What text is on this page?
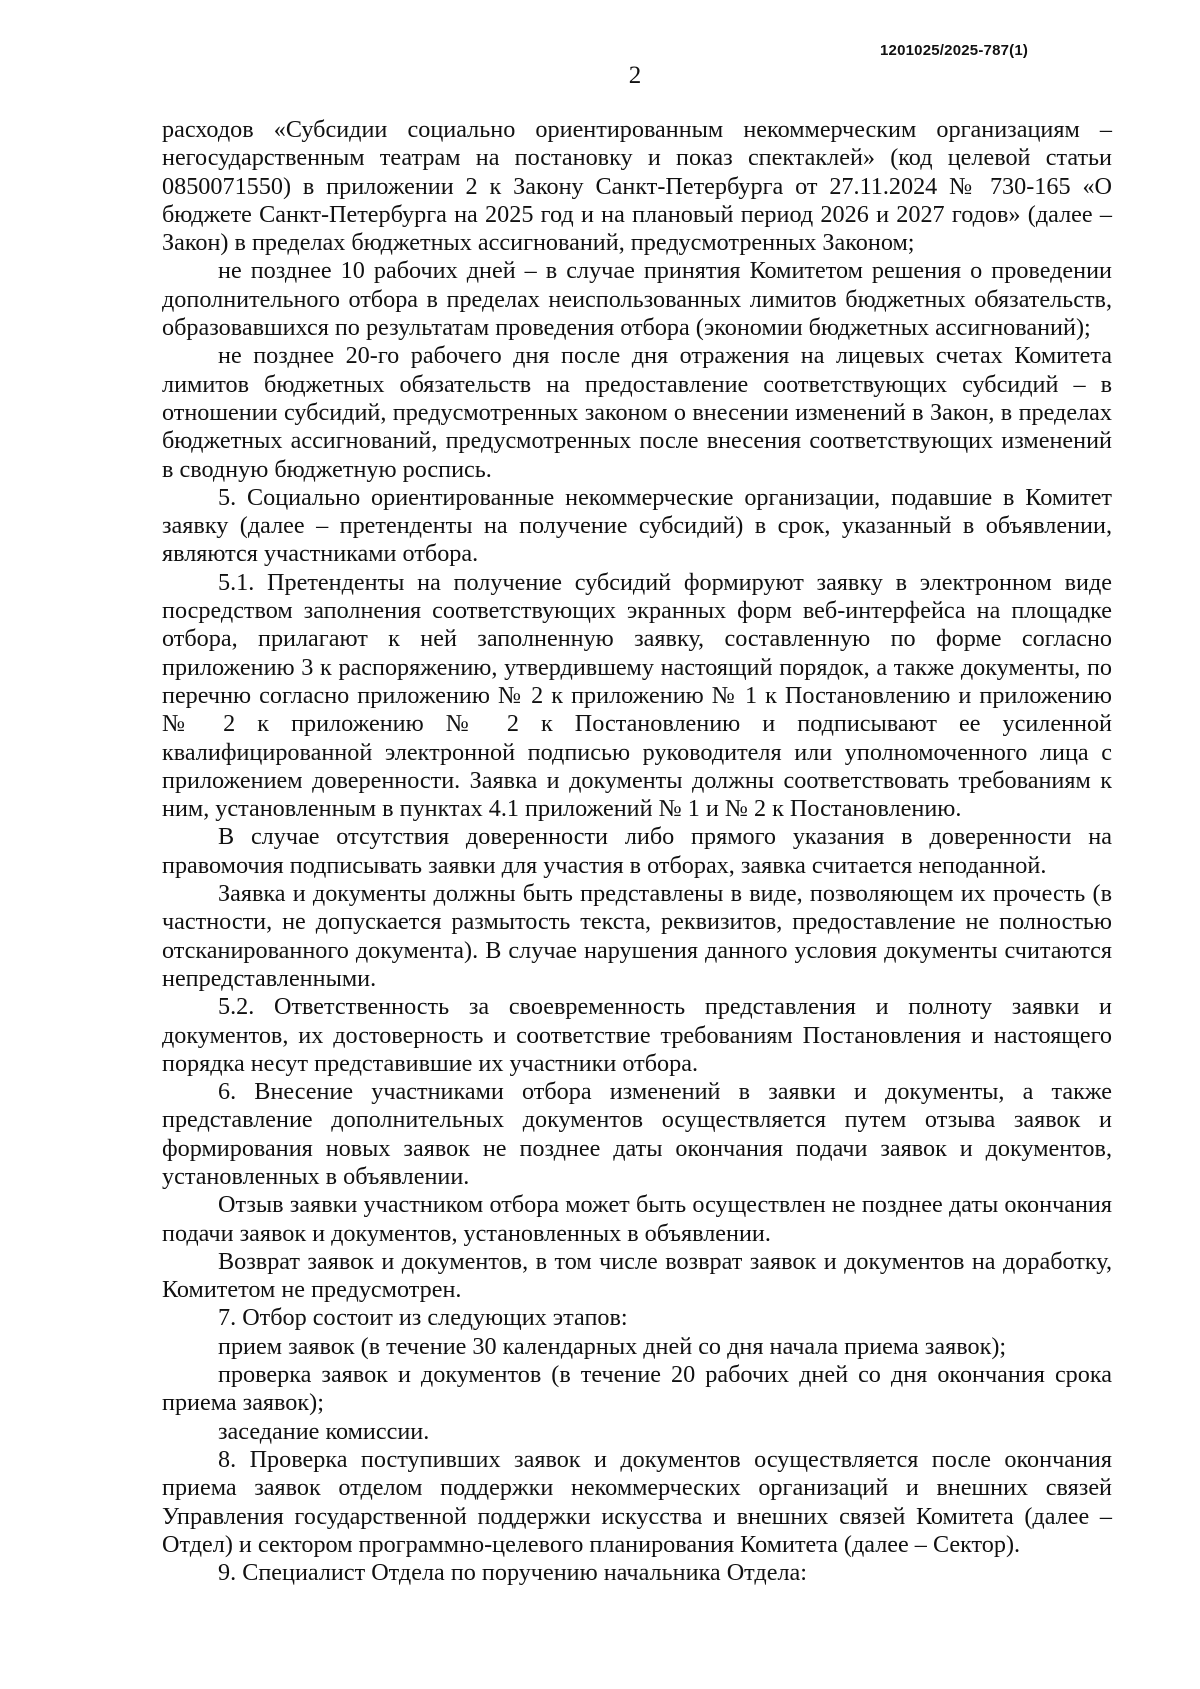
1201025/2025-787(1)
2

расходов «Субсидии социально ориентированным некоммерческим организациям – негосударственным театрам на постановку и показ спектаклей» (код целевой статьи 0850071550) в приложении 2 к Закону Санкт-Петербурга от 27.11.2024 № 730-165 «О бюджете Санкт-Петербурга на 2025 год и на плановый период 2026 и 2027 годов» (далее – Закон) в пределах бюджетных ассигнований, предусмотренных Законом;

не позднее 10 рабочих дней – в случае принятия Комитетом решения о проведении дополнительного отбора в пределах неиспользованных лимитов бюджетных обязательств, образовавшихся по результатам проведения отбора (экономии бюджетных ассигнований);

не позднее 20-го рабочего дня после дня отражения на лицевых счетах Комитета лимитов бюджетных обязательств на предоставление соответствующих субсидий – в отношении субсидий, предусмотренных законом о внесении изменений в Закон, в пределах бюджетных ассигнований, предусмотренных после внесения соответствующих изменений в сводную бюджетную роспись.

5. Социально ориентированные некоммерческие организации, подавшие в Комитет заявку (далее – претенденты на получение субсидий) в срок, указанный в объявлении, являются участниками отбора.

5.1. Претенденты на получение субсидий формируют заявку в электронном виде посредством заполнения соответствующих экранных форм веб-интерфейса на площадке отбора, прилагают к ней заполненную заявку, составленную по форме согласно приложению 3 к распоряжению, утвердившему настоящий порядок, а также документы, по перечню согласно приложению № 2 к приложению № 1 к Постановлению и приложению № 2 к приложению № 2 к Постановлению и подписывают ее усиленной квалифицированной электронной подписью руководителя или уполномоченного лица с приложением доверенности. Заявка и документы должны соответствовать требованиям к ним, установленным в пунктах 4.1 приложений № 1 и № 2 к Постановлению.

В случае отсутствия доверенности либо прямого указания в доверенности на правомочия подписывать заявки для участия в отборах, заявка считается неподанной.

Заявка и документы должны быть представлены в виде, позволяющем их прочесть (в частности, не допускается размытость текста, реквизитов, предоставление не полностью отсканированного документа). В случае нарушения данного условия документы считаются непредставленными.

5.2. Ответственность за своевременность представления и полноту заявки и документов, их достоверность и соответствие требованиям Постановления и настоящего порядка несут представившие их участники отбора.

6. Внесение участниками отбора изменений в заявки и документы, а также представление дополнительных документов осуществляется путем отзыва заявок и формирования новых заявок не позднее даты окончания подачи заявок и документов, установленных в объявлении.

Отзыв заявки участником отбора может быть осуществлен не позднее даты окончания подачи заявок и документов, установленных в объявлении.

Возврат заявок и документов, в том числе возврат заявок и документов на доработку, Комитетом не предусмотрен.

7. Отбор состоит из следующих этапов:

прием заявок (в течение 30 календарных дней со дня начала приема заявок);

проверка заявок и документов (в течение 20 рабочих дней со дня окончания срока приема заявок);

заседание комиссии.

8. Проверка поступивших заявок и документов осуществляется после окончания приема заявок отделом поддержки некоммерческих организаций и внешних связей Управления государственной поддержки искусства и внешних связей Комитета (далее – Отдел) и сектором программно-целевого планирования Комитета (далее – Сектор).

9. Специалист Отдела по поручению начальника Отдела:
